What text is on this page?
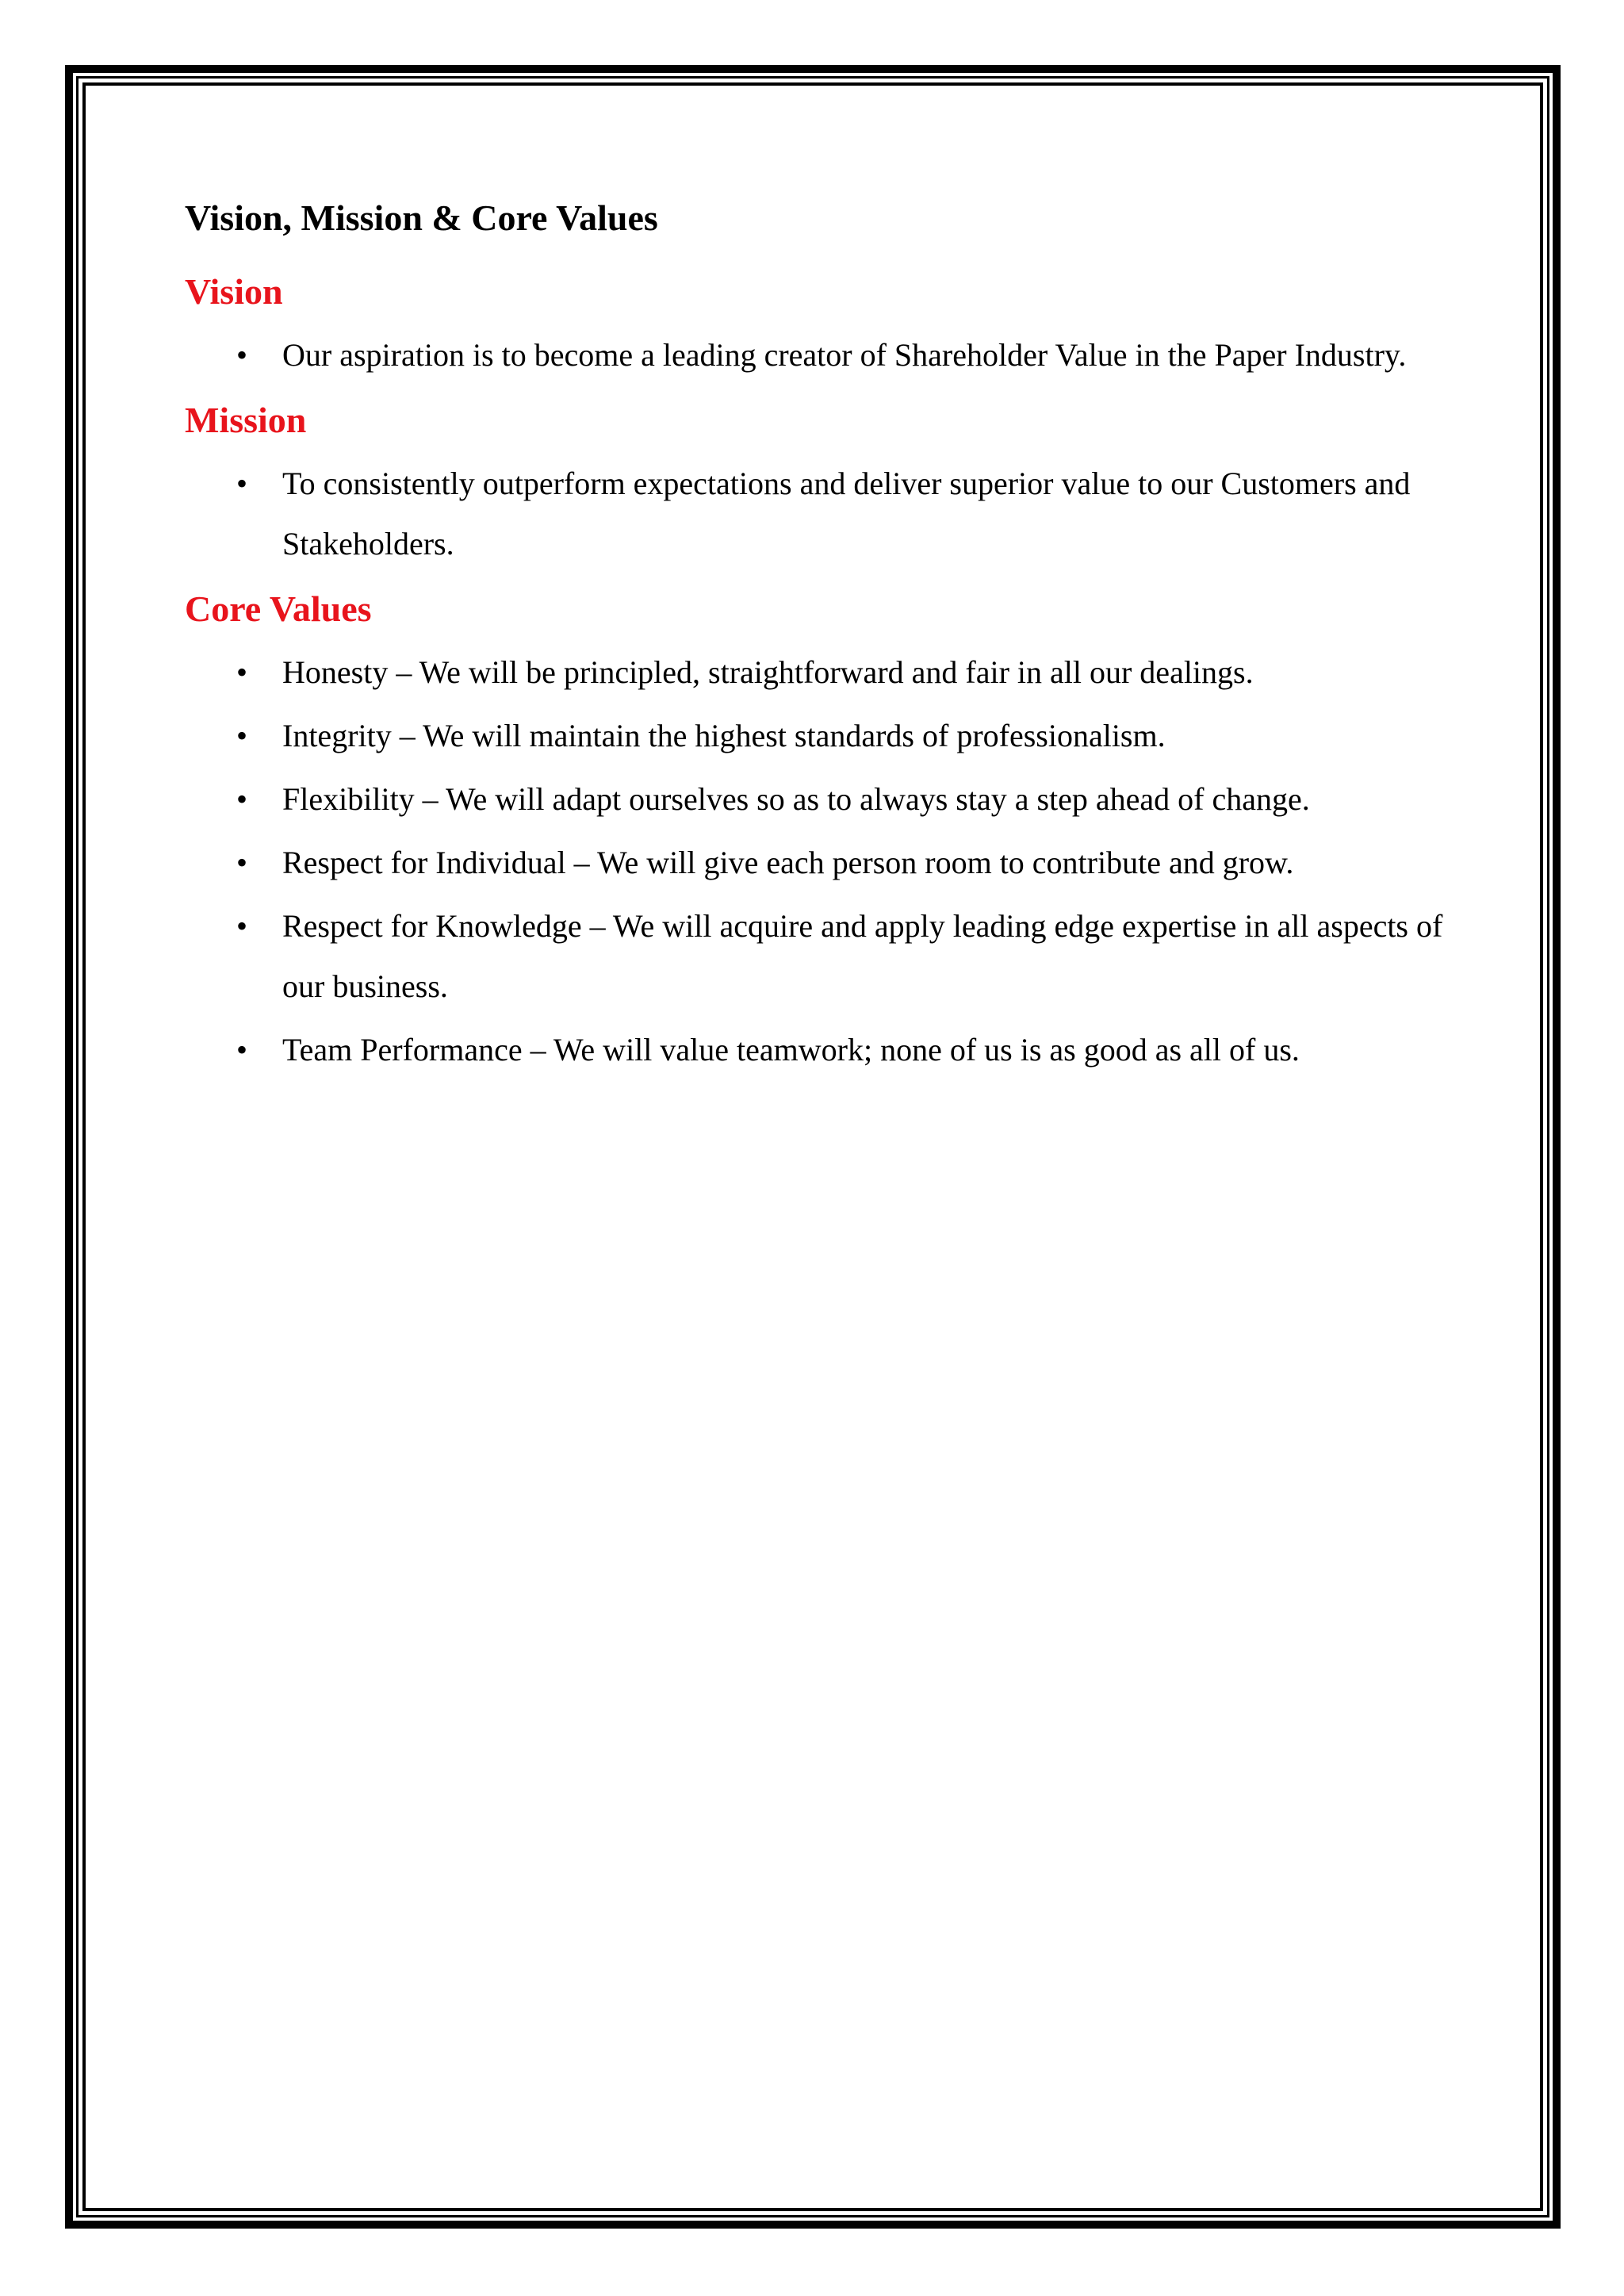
Vision, Mission & Core Values
Vision
• Our aspiration is to become a leading creator of Shareholder Value in the Paper Industry.
Mission
• To consistently outperform expectations and deliver superior value to our Customers and Stakeholders.
Core Values
• Honesty – We will be principled, straightforward and fair in all our dealings.
• Integrity – We will maintain the highest standards of professionalism.
• Flexibility – We will adapt ourselves so as to always stay a step ahead of change.
• Respect for Individual – We will give each person room to contribute and grow.
• Respect for Knowledge – We will acquire and apply leading edge expertise in all aspects of our business.
• Team Performance – We will value teamwork; none of us is as good as all of us.
